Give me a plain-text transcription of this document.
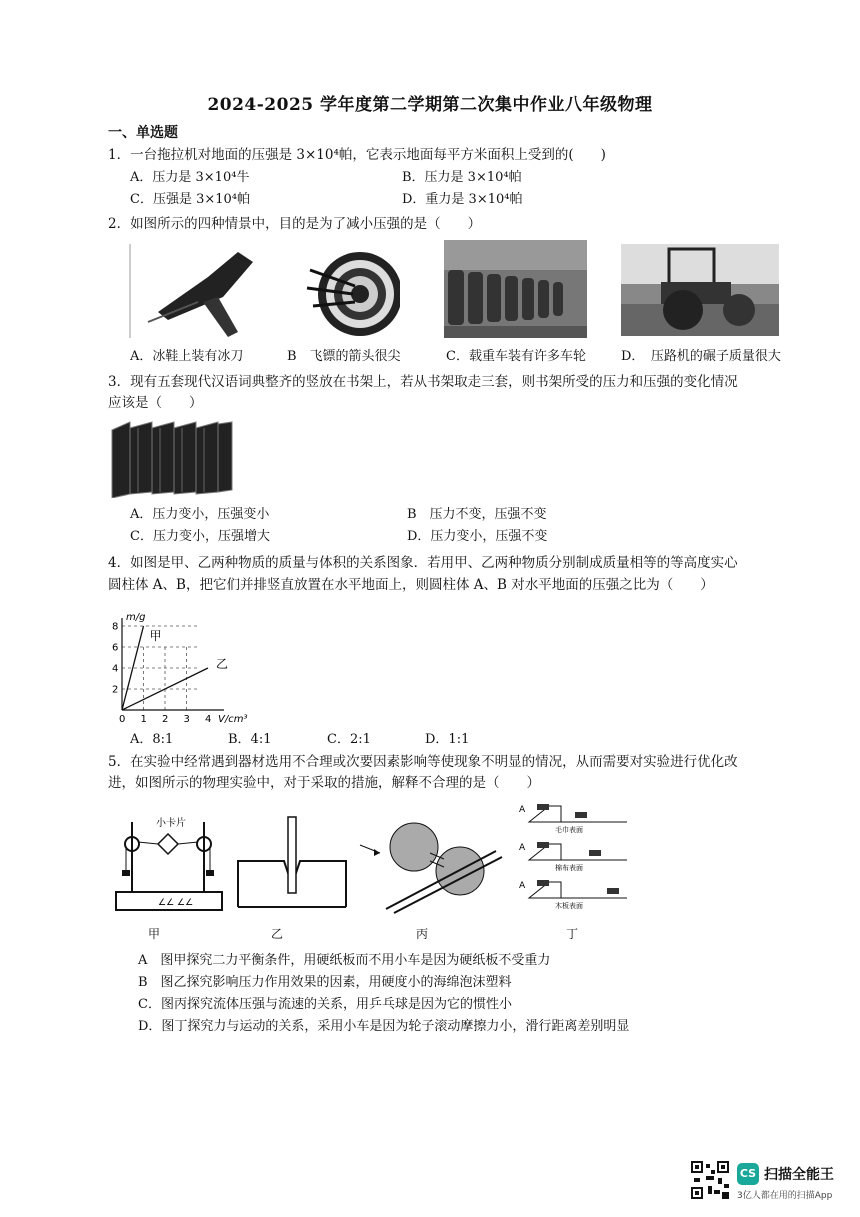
2024-2025 学年度第二学期第二次集中作业八年级物理
一、单选题
1．一台拖拉机对地面的压强是 3×10⁴帕，它表示地面每平方米面积上受到的(　　)
A．压力是 3×10⁴牛	B．压力是 3×10⁴帕
C．压强是 3×10⁴帕	D．重力是 3×10⁴帕
2．如图所示的四种情景中，目的是为了减小压强的是（　　）
A．冰鞋上装有冰刀	B　飞镖的箭头很尖	C．载重车装有许多车轮	D．　压路机的碾子质量很大
3．现有五套现代汉语词典整齐的竖放在书架上，若从书架取走三套，则书架所受的压力和压强的变化情况
应该是（　　）
A．压力变小，压强变小	B　压力不变，压强不变
C．压力变小，压强增大	D．压力变小，压强不变
4．如图是甲、乙两种物质的质量与体积的关系图象．若用甲、乙两种物质分别制成质量相等的等高度实心
圆柱体 A、B，把它们并排竖直放置在水平地面上，则圆柱体 A、B 对水平地面的压强之比为（　　）
2
4
6
8
0 1 2 3 4
甲
乙
m/g
V/cm³
A．8:1	B．4:1	C．2:1	D．1:1
5．在实验中经常遇到器材选用不合理或次要因素影响等使现象不明显的情况，从而需要对实验进行优化改
进，如图所示的物理实验中，对于采取的措施，解释不合理的是（　　）
小卡片
∠∠ ∠∠
甲	乙	丙
A
毛巾表面
A
棉布表面
A
木板表面
丁
A　图甲探究二力平衡条件，用硬纸板而不用小车是因为硬纸板不受重力
B　图乙探究影响压力作用效果的因素，用硬度小的海绵泡沫塑料
C．图丙探究流体压强与流速的关系，用乒乓球是因为它的惯性小
D．图丁探究力与运动的关系，采用小车是因为轮子滚动摩擦力小，滑行距离差别明显
CS 扫描全能王
3亿人都在用的扫描App
